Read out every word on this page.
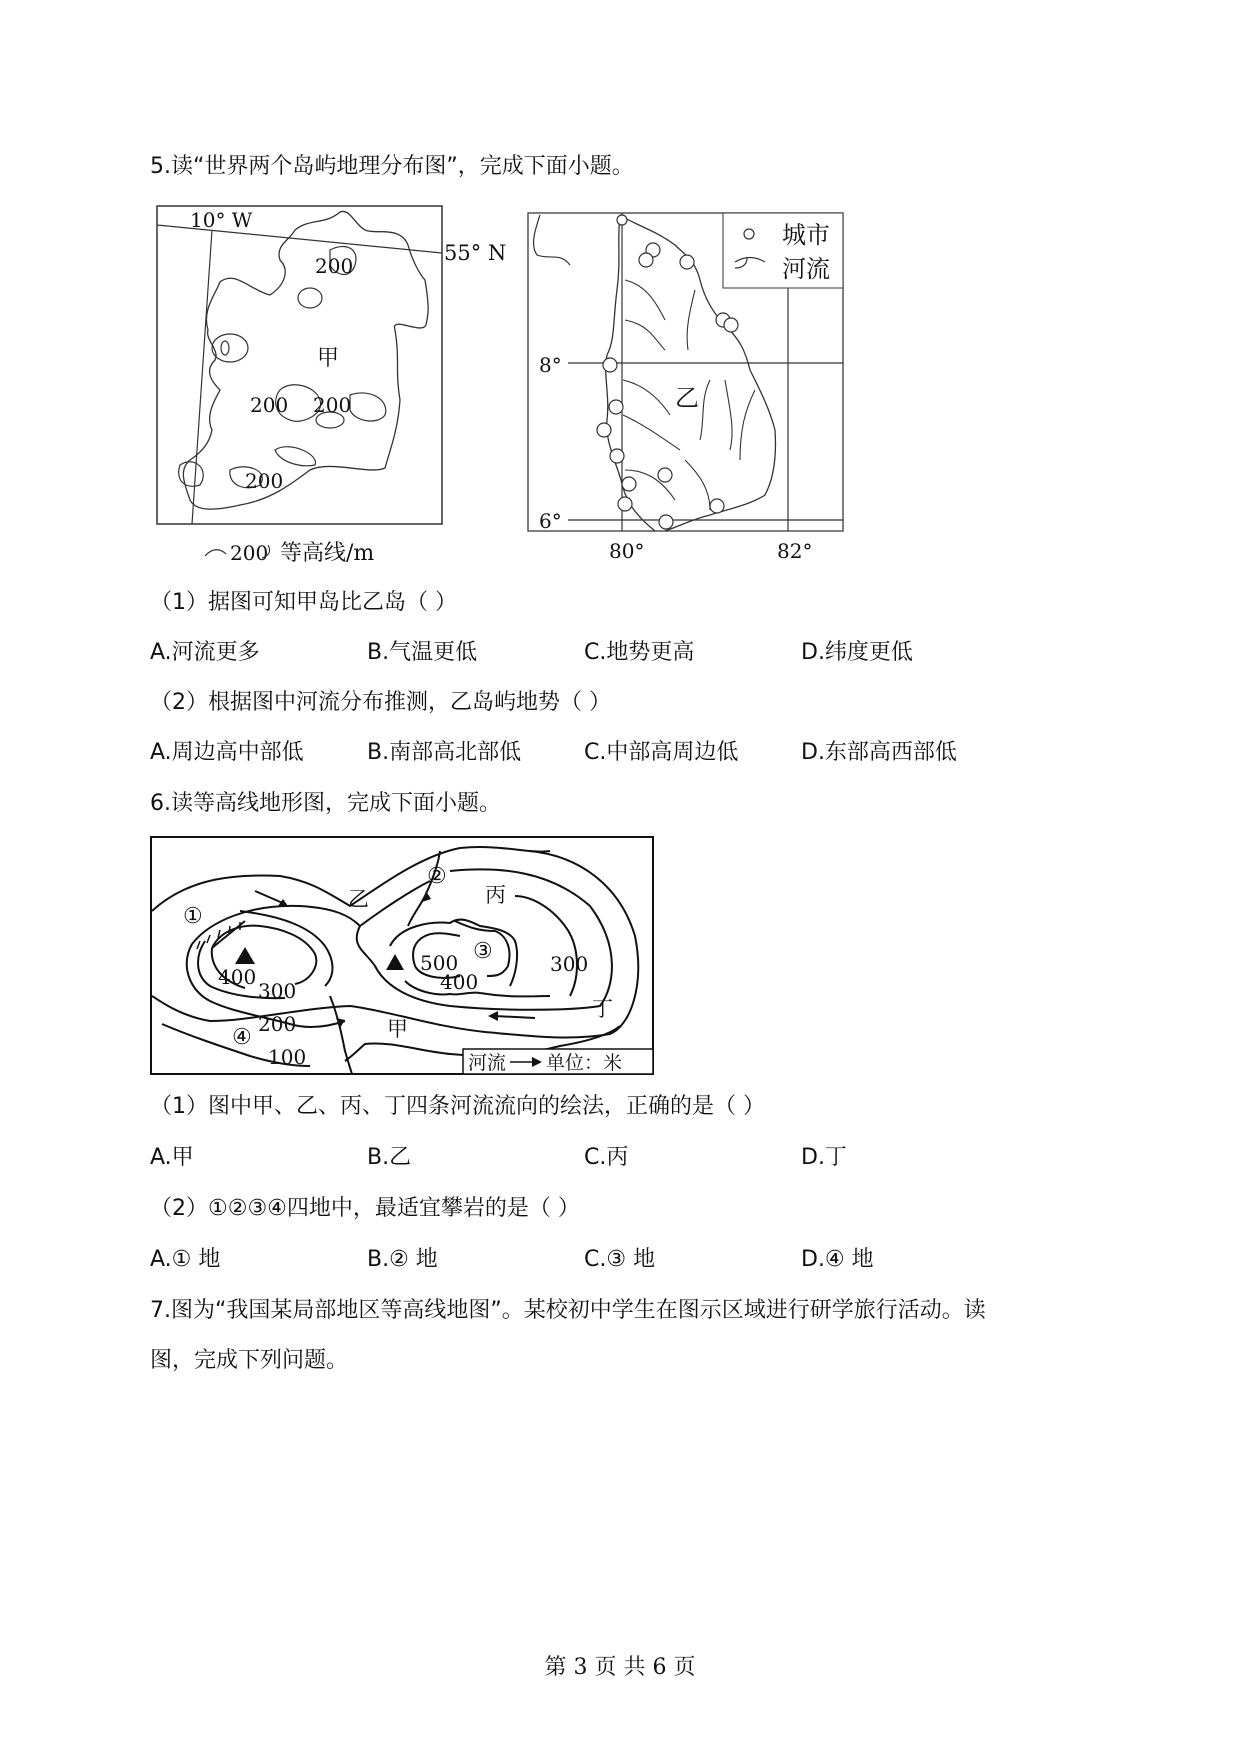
5.读“世界两个岛屿地理分布图”，完成下面小题。
200
甲
200 200
200
10° W
200 等高线/m
55° N
城市
河流
乙
8°
6°
80°	82°
（1）据图可知甲岛比乙岛（ ）
A.河流更多	B.气温更低	C.地势更高	D.纬度更低
（2）根据图中河流分布推测，乙岛屿地势（ ）
A.周边高中部低	B.南部高北部低	C.中部高周边低	D.东部高西部低
6.读等高线地形图，完成下面小题。
500
400	400
300
300
200
100
①
②
③
④	甲
乙	丙
丁
河流 单位：米
（1）图中甲、乙、丙、丁四条河流流向的绘法，正确的是（ ）
A.甲	B.乙	C.丙	D.丁
（2）①②③④四地中，最适宜攀岩的是（ ）
A.① 地	B.② 地	C.③ 地	D.④ 地
7.图为“我国某局部地区等高线地图”。某校初中学生在图示区域进行研学旅行活动。读
图，完成下列问题。
第 3 页 共 6 页
